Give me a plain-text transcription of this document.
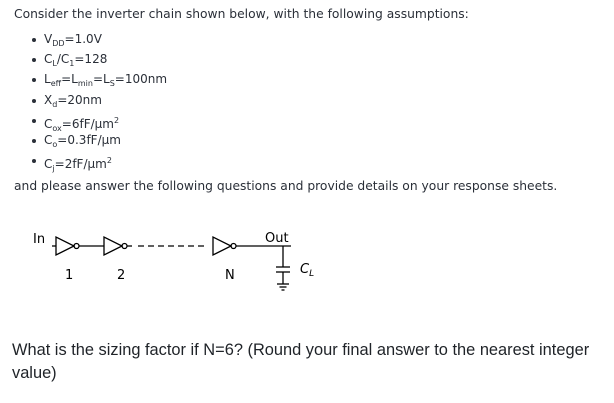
Consider the inverter chain shown below, with the following assumptions:
$V_{DD}=1.0V$
$C_L/C_1=128$
$L_{eff}=L_{min}=L_S=100nm$
$X_d=20nm$
$C_{ox}=6fF/\mu m^2$
$C_o=0.3fF/\mu m$
$C_j=2fF/\mu m^2$
and please answer the following questions and provide details on your response sheets.
In
1	2	N
Out
$C_L$
What is the sizing factor if N=6? (Round your final answer to the nearest integer value)
